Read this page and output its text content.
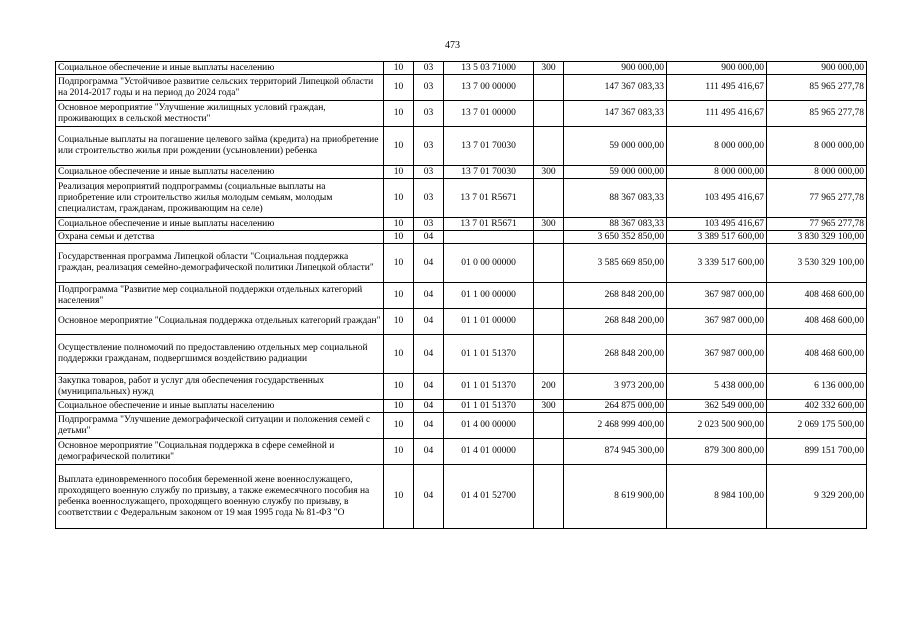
473
Социальное обеспечение и иные выплаты населению	10	03	13 5 03 71000	300	900 000,00	900 000,00	900 000,00
Подпрограмма "Устойчивое развитие сельских территорий Липецкой области на 2014-2017 годы и на период до 2024 года"	10	03	13 7 00 00000		147 367 083,33	111 495 416,67	85 965 277,78
Основное мероприятие "Улучшение жилищных условий граждан, проживающих в сельской местности"	10	03	13 7 01 00000		147 367 083,33	111 495 416,67	85 965 277,78
Социальные выплаты на погашение целевого займа (кредита) на приобретение или строительство жилья при рождении (усыновлении) ребенка	10	03	13 7 01 70030		59 000 000,00	8 000 000,00	8 000 000,00
Социальное обеспечение и иные выплаты населению	10	03	13 7 01 70030	300	59 000 000,00	8 000 000,00	8 000 000,00
Реализация мероприятий подпрограммы (социальные выплаты на приобретение или строительство жилья молодым семьям, молодым специалистам, гражданам, проживающим на селе)	10	03	13 7 01 R5671		88 367 083,33	103 495 416,67	77 965 277,78
Социальное обеспечение и иные выплаты населению	10	03	13 7 01 R5671	300	88 367 083,33	103 495 416,67	77 965 277,78
Охрана семьи и детства	10	04			3 650 352 850,00	3 389 517 600,00	3 830 329 100,00
Государственная программа Липецкой области "Социальная поддержка граждан, реализация семейно-демографической политики Липецкой области"	10	04	01 0 00 00000		3 585 669 850,00	3 339 517 600,00	3 530 329 100,00
Подпрограмма "Развитие мер социальной поддержки отдельных категорий населения"	10	04	01 1 00 00000		268 848 200,00	367 987 000,00	408 468 600,00
Основное мероприятие "Социальная поддержка отдельных категорий граждан"	10	04	01 1 01 00000		268 848 200,00	367 987 000,00	408 468 600,00
Осуществление полномочий по предоставлению отдельных мер социальной поддержки гражданам, подвергшимся воздействию радиации	10	04	01 1 01 51370		268 848 200,00	367 987 000,00	408 468 600,00
Закупка товаров, работ и услуг для обеспечения государственных (муниципальных) нужд	10	04	01 1 01 51370	200	3 973 200,00	5 438 000,00	6 136 000,00
Социальное обеспечение и иные выплаты населению	10	04	01 1 01 51370	300	264 875 000,00	362 549 000,00	402 332 600,00
Подпрограмма "Улучшение демографической ситуации и положения семей с детьми"	10	04	01 4 00 00000		2 468 999 400,00	2 023 500 900,00	2 069 175 500,00
Основное мероприятие "Социальная поддержка в сфере семейной и демографической политики"	10	04	01 4 01 00000		874 945 300,00	879 300 800,00	899 151 700,00
Выплата единовременного пособия беременной жене военнослужащего, проходящего военную службу по призыву, а также ежемесячного пособия на ребенка военнослужащего, проходящего военную службу по призыву, в соответствии с Федеральным законом от 19 мая 1995 года № 81-ФЗ "О	10	04	01 4 01 52700		8 619 900,00	8 984 100,00	9 329 200,00
